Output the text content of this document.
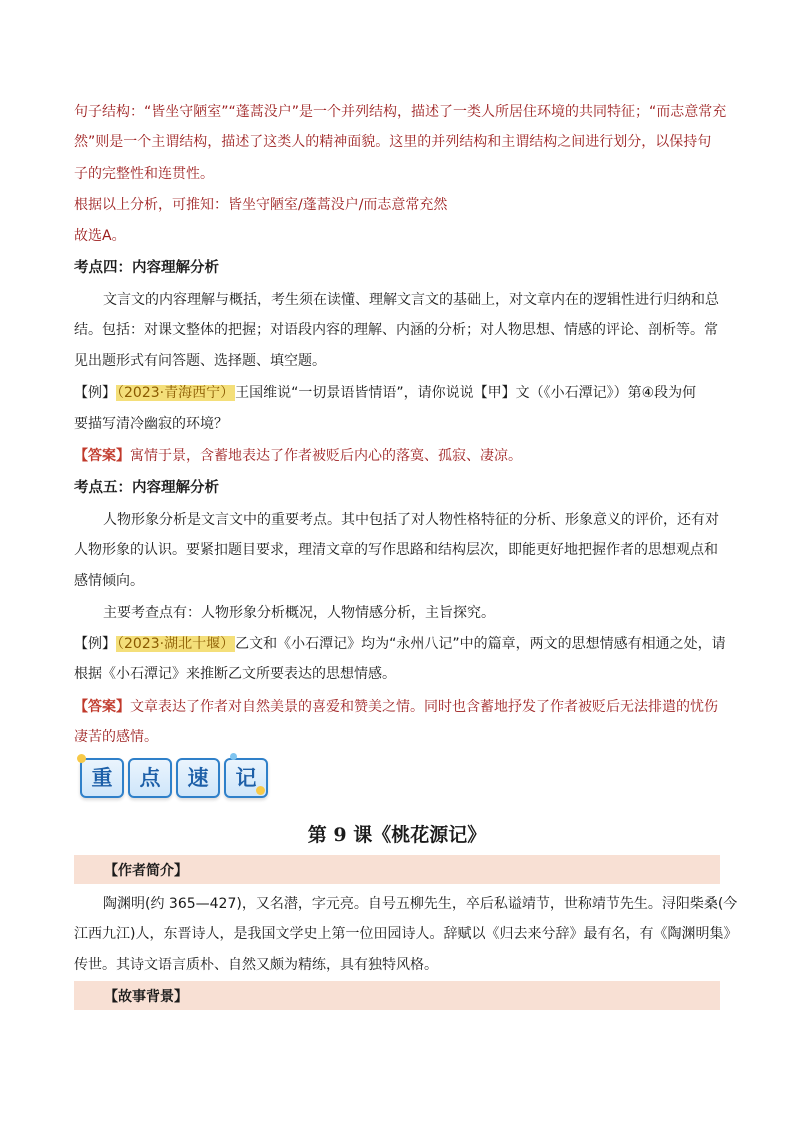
句子结构：“皆坐守陋室”“蓬蒿没户”是一个并列结构，描述了一类人所居住环境的共同特征；“而志意常充
然”则是一个主谓结构，描述了这类人的精神面貌。这里的并列结构和主谓结构之间进行划分，以保持句
子的完整性和连贯性。
根据以上分析，可推知：皆坐守陋室/蓬蒿没户/而志意常充然
故选A。
考点四：内容理解分析
文言文的内容理解与概括，考生须在读懂、理解文言文的基础上，对文章内在的逻辑性进行归纳和总
结。包括：对课文整体的把握；对语段内容的理解、内涵的分析；对人物思想、情感的评论、剖析等。常
见出题形式有问答题、选择题、填空题。
【例】（2023·青海西宁）王国维说“一切景语皆情语”，请你说说【甲】文（《小石潭记》）第④段为何
要描写清冷幽寂的环境？
【答案】寓情于景，含蓄地表达了作者被贬后内心的落寞、孤寂、凄凉。
考点五：内容理解分析
人物形象分析是文言文中的重要考点。其中包括了对人物性格特征的分析、形象意义的评价，还有对
人物形象的认识。要紧扣题目要求，理清文章的写作思路和结构层次，即能更好地把握作者的思想观点和
感情倾向。
主要考查点有：人物形象分析概况，人物情感分析，主旨探究。
【例】（2023·湖北十堰）乙文和《小石潭记》均为“永州八记”中的篇章，两文的思想情感有相通之处，请
根据《小石潭记》来推断乙文所要表达的思想情感。
【答案】文章表达了作者对自然美景的喜爱和赞美之情。同时也含蓄地抒发了作者被贬后无法排遣的忧伤
凄苦的感情。
重	点	速	记
第 9 课《桃花源记》
【作者简介】
陶渊明(约 365—427)，又名潜，字元亮。自号五柳先生，卒后私谥靖节，世称靖节先生。浔阳柴桑(今
江西九江)人，东晋诗人，是我国文学史上第一位田园诗人。辞赋以《归去来兮辞》最有名，有《陶渊明集》
传世。其诗文语言质朴、自然又颇为精练，具有独特风格。
【故事背景】
